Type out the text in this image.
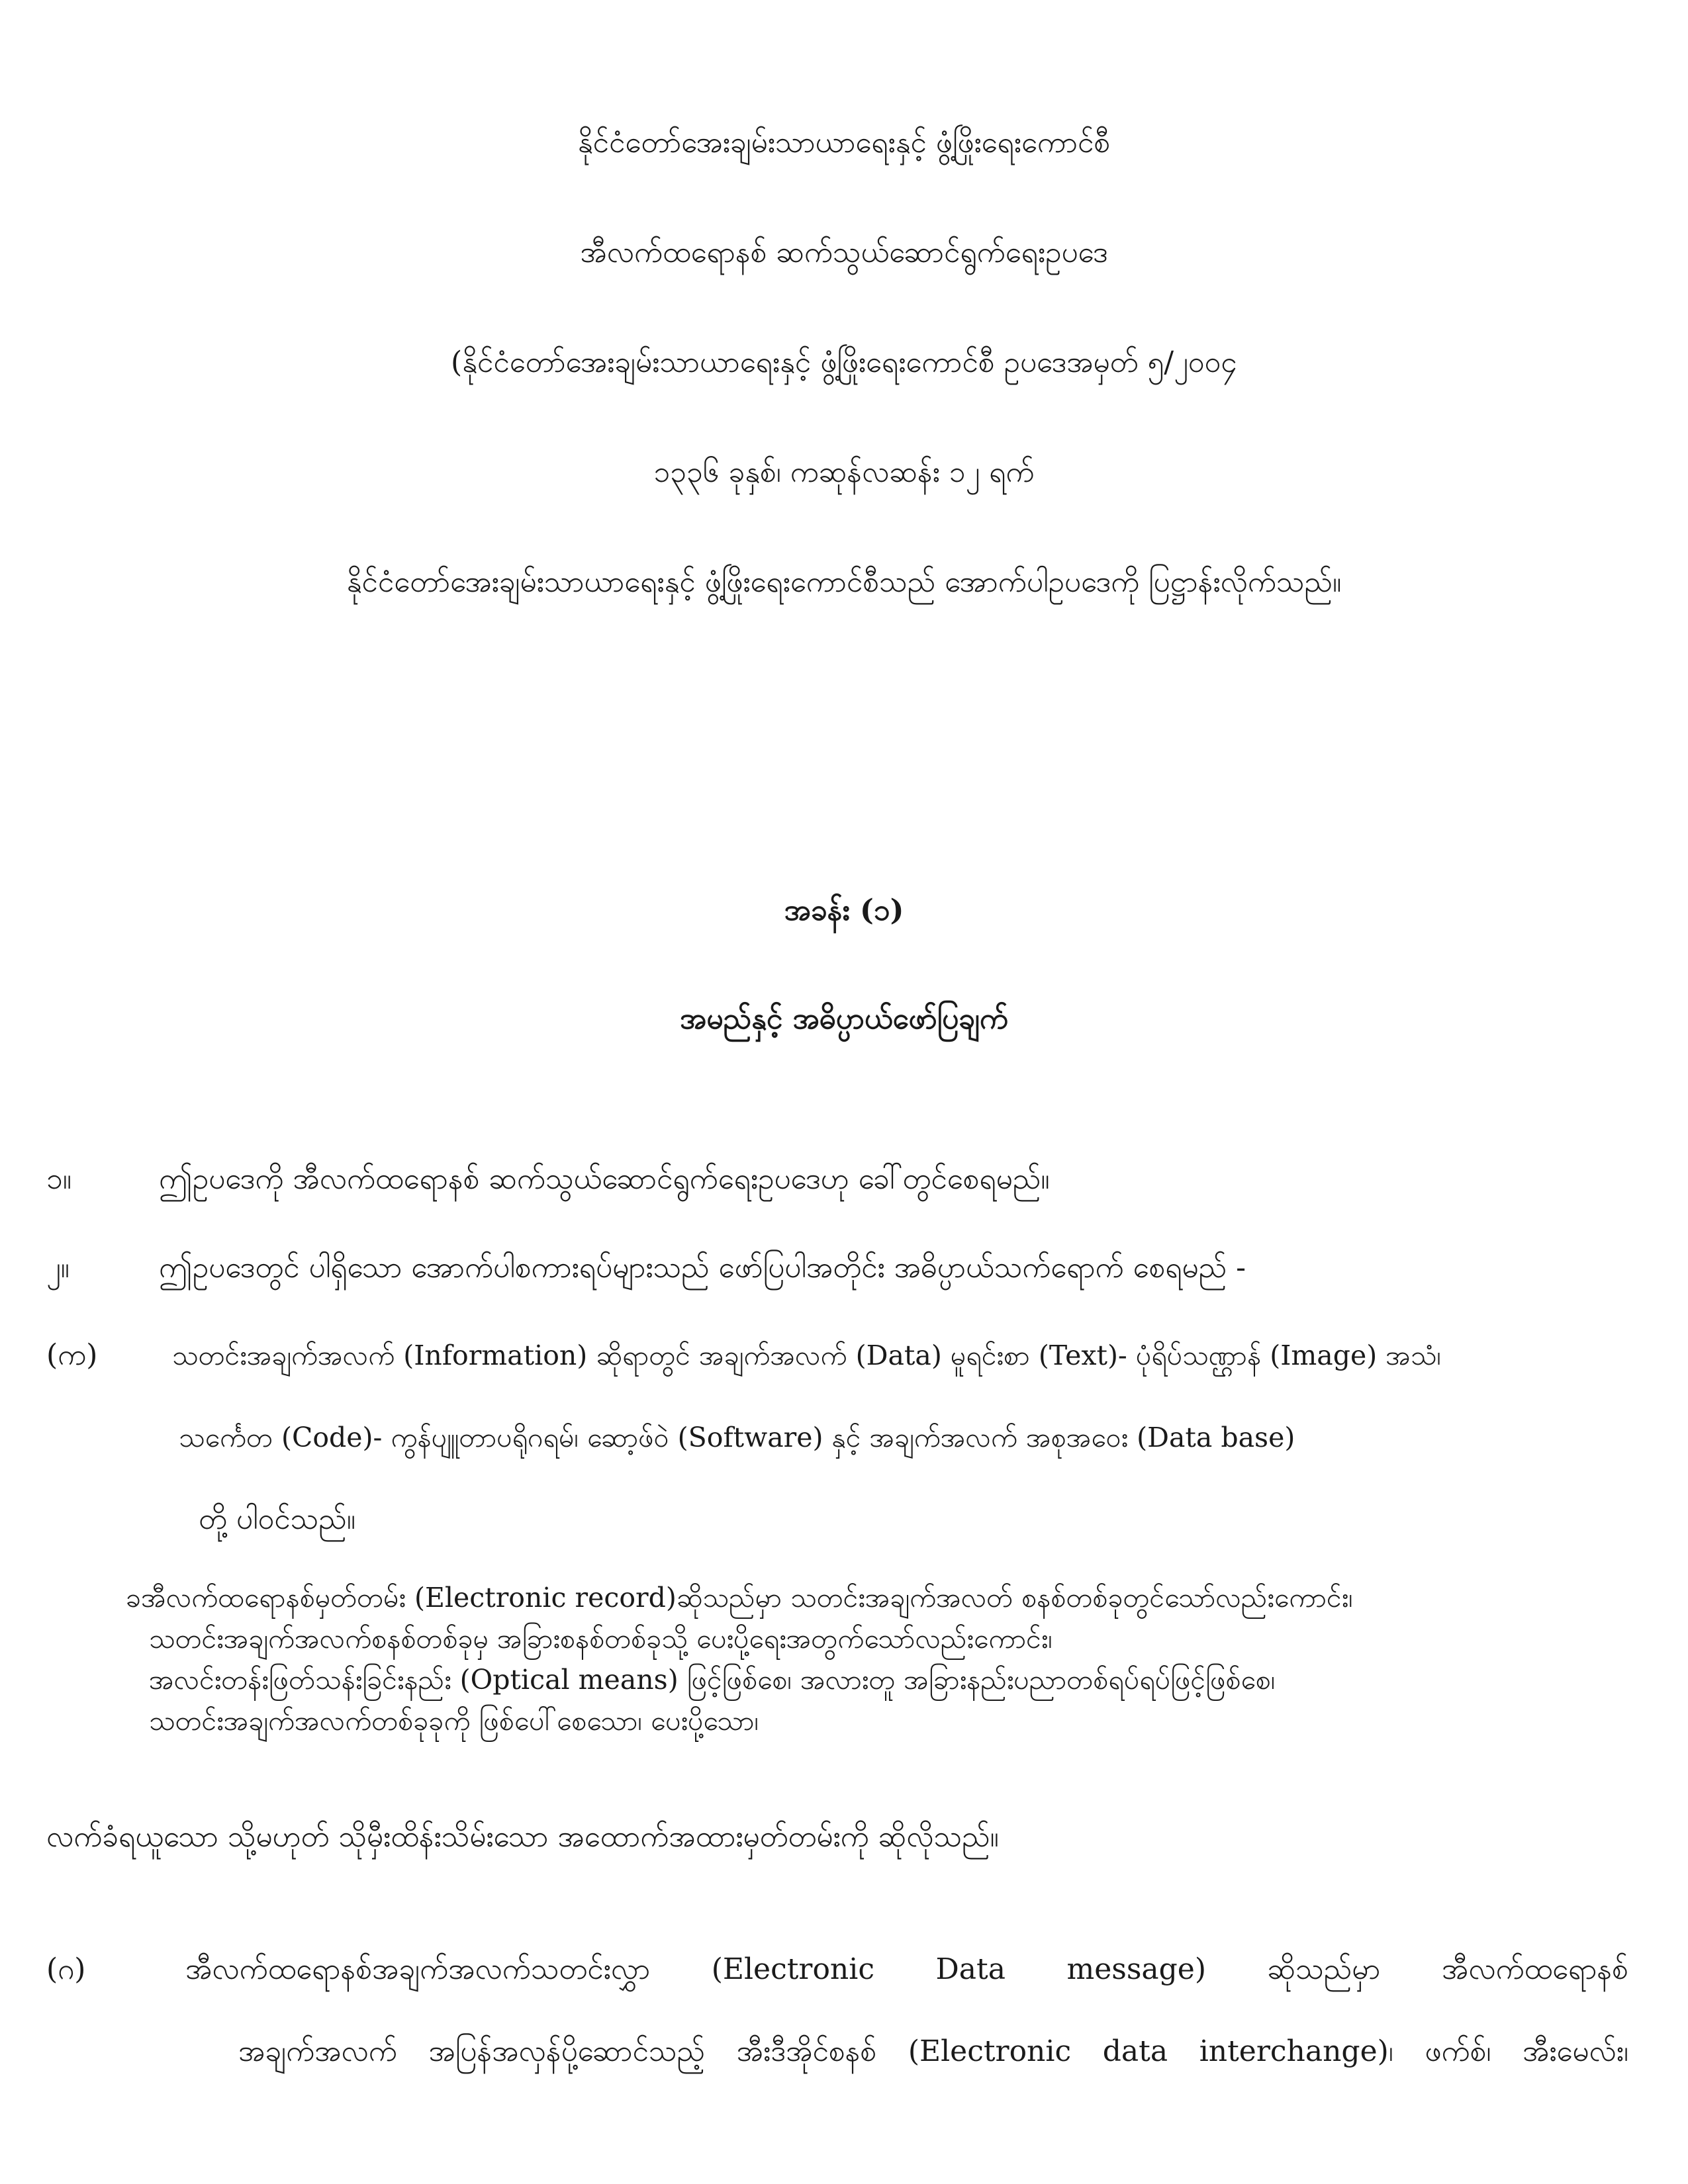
နိုင်ငံတော်အေးချမ်းသာယာရေးနှင့် ဖွံ့ဖြိုးရေးကောင်စီ
အီလက်ထရောနစ် ဆက်သွယ်ဆောင်ရွက်ရေးဥပဒေ
(နိုင်ငံတော်အေးချမ်းသာယာရေးနှင့် ဖွံ့ဖြိုးရေးကောင်စီ ဥပဒေအမှတ် ၅/၂၀၀၄
၁၃၃၆ ခုနှစ်၊ ကဆုန်လဆန်း ၁၂ ရက်
နိုင်ငံတော်အေးချမ်းသာယာရေးနှင့် ဖွံ့ဖြိုးရေးကောင်စီသည် အောက်ပါဥပဒေကို ပြဋ္ဌာန်းလိုက်သည်။
အခန်း (၁)
အမည်နှင့် အဓိပ္ပာယ်ဖော်ပြချက်
၁။	ဤဥပဒေကို အီလက်ထရောနစ် ဆက်သွယ်ဆောင်ရွက်ရေးဥပဒေဟု ခေါ်တွင်စေရမည်။
၂။	ဤဥပဒေတွင် ပါရှိသော အောက်ပါစကားရပ်များသည် ဖော်ပြပါအတိုင်း အဓိပ္ပာယ်သက်ရောက် စေရမည် -
(က)	သတင်းအချက်အလက် (Information) ဆိုရာတွင် အချက်အလက် (Data) မူရင်းစာ (Text)- ပုံရိပ်သဏ္ဌာန် (Image) အသံ၊
သင်္ကေတ (Code)- ကွန်ပျူတာပရိုဂရမ်၊ ဆော့ဖ်ဝဲ (Software) နှင့် အချက်အလက် အစုအဝေး (Data base)
တို့ ပါဝင်သည်။
ခအီလက်ထရောနစ်မှတ်တမ်း (Electronic record)ဆိုသည်မှာ သတင်းအချက်အလတ် စနစ်တစ်ခုတွင်သော်လည်းကောင်း၊
သတင်းအချက်အလက်စနစ်တစ်ခုမှ အခြားစနစ်တစ်ခုသို့ ပေးပို့ရေးအတွက်သော်လည်းကောင်း၊
အလင်းတန်းဖြတ်သန်းခြင်းနည်း (Optical means) ဖြင့်ဖြစ်စေ၊ အလားတူ အခြားနည်းပညာတစ်ရပ်ရပ်ဖြင့်ဖြစ်စေ၊
သတင်းအချက်အလက်တစ်ခုခုကို ဖြစ်ပေါ်စေသော၊ ပေးပို့သော၊
လက်ခံရယူသော သို့မဟုတ် သိုမှီးထိန်းသိမ်းသော အထောက်အထားမှတ်တမ်းကို ဆိုလိုသည်။
(ဂ)	အီလက်ထရောနစ်အချက်အလက်သတင်းလွှာ (Electronic Data message) ဆိုသည်မှာ အီလက်ထရောနစ်
အချက်အလက် အပြန်အလှန်ပို့ဆောင်သည့် အီးဒီအိုင်စနစ် (Electronic data interchange)၊ ဖက်စ်၊ အီးမေလ်း၊
